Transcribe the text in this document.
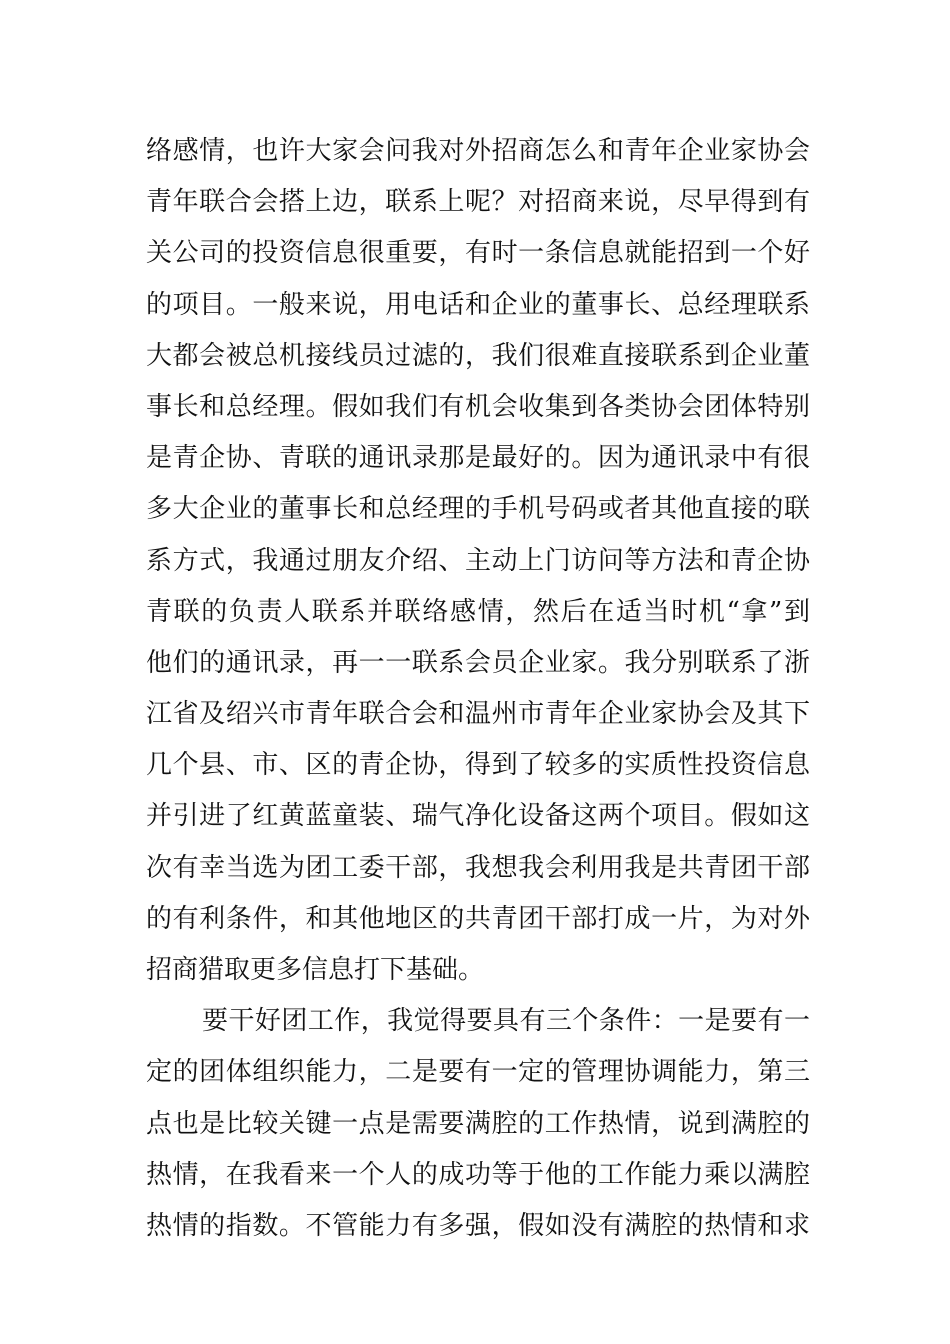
络感情，也许大家会问我对外招商怎么和青年企业家协会
青年联合会搭上边，联系上呢？对招商来说，尽早得到有
关公司的投资信息很重要，有时一条信息就能招到一个好
的项目。一般来说，用电话和企业的董事长、总经理联系
大都会被总机接线员过滤的，我们很难直接联系到企业董
事长和总经理。假如我们有机会收集到各类协会团体特别
是青企协、青联的通讯录那是最好的。因为通讯录中有很
多大企业的董事长和总经理的手机号码或者其他直接的联
系方式，我通过朋友介绍、主动上门访问等方法和青企协
青联的负责人联系并联络感情，然后在适当时机“拿”到
他们的通讯录，再一一联系会员企业家。我分别联系了浙
江省及绍兴市青年联合会和温州市青年企业家协会及其下
几个县、市、区的青企协，得到了较多的实质性投资信息
并引进了红黄蓝童装、瑞气净化设备这两个项目。假如这
次有幸当选为团工委干部，我想我会利用我是共青团干部
的有利条件，和其他地区的共青团干部打成一片，为对外
招商猎取更多信息打下基础。
要干好团工作，我觉得要具有三个条件：一是要有一
定的团体组织能力，二是要有一定的管理协调能力，第三
点也是比较关键一点是需要满腔的工作热情，说到满腔的
热情，在我看来一个人的成功等于他的工作能力乘以满腔
热情的指数。不管能力有多强，假如没有满腔的热情和求
